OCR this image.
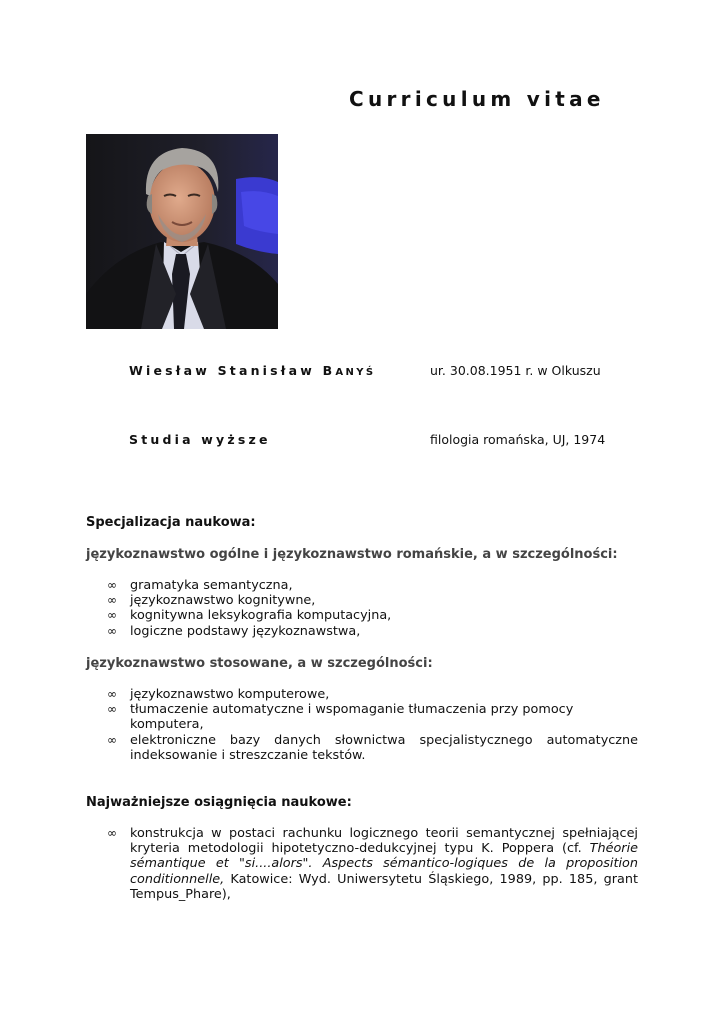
Curriculum vitae
Wiesław Stanisław BANYŚ	ur. 30.08.1951 r. w Olkuszu
Studia wyższe	filologia romańska, UJ, 1974
Specjalizacja naukowa:
językoznawstwo ogólne i językoznawstwo romańskie, a w szczególności:
∞ gramatyka semantyczna,
∞ językoznawstwo kognitywne,
∞ kognitywna leksykografia komputacyjna,
∞ logiczne podstawy językoznawstwa,
językoznawstwo stosowane, a w szczególności:
∞ językoznawstwo komputerowe,
∞ tłumaczenie automatyczne i wspomaganie tłumaczenia przy pomocy komputera,
∞ elektroniczne bazy danych słownictwa specjalistycznego automatyczne indeksowanie i streszczanie tekstów.
Najważniejsze osiągnięcia naukowe:
∞ konstrukcja w postaci rachunku logicznego teorii semantycznej spełniającej kryteria metodologii hipotetyczno-dedukcyjnej typu K. Poppera (cf. Théorie sémantique et "si....alors". Aspects sémantico-logiques de la proposition conditionnelle, Katowice: Wyd. Uniwersytetu Śląskiego, 1989, pp. 185, grant Tempus_Phare),
